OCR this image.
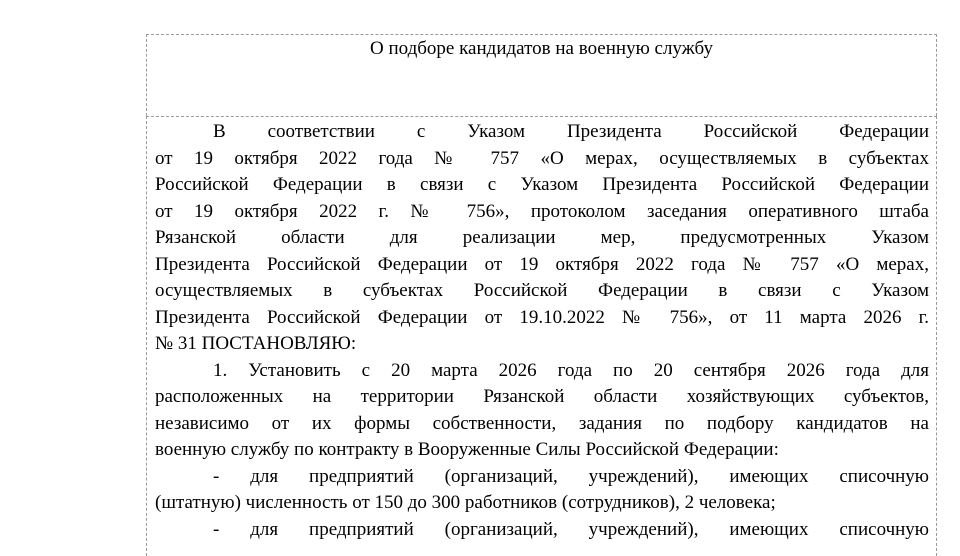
О подборе кандидатов на военную службу
В соответствии с Указом Президента Российской Федерации
от 19 октября 2022 года № 757 «О мерах, осуществляемых в субъектах
Российской Федерации в связи с Указом Президента Российской Федерации
от 19 октября 2022 г. № 756», протоколом заседания оперативного штаба
Рязанской области для реализации мер, предусмотренных Указом
Президента Российской Федерации от 19 октября 2022 года № 757 «О мерах,
осуществляемых в субъектах Российской Федерации в связи с Указом
Президента Российской Федерации от 19.10.2022 № 756», от 11 марта 2026 г.
№ 31 ПОСТАНОВЛЯЮ:
1. Установить с 20 марта 2026 года по 20 сентября 2026 года для
расположенных на территории Рязанской области хозяйствующих субъектов,
независимо от их формы собственности, задания по подбору кандидатов на
военную службу по контракту в Вооруженные Силы Российской Федерации:
- для предприятий (организаций, учреждений), имеющих списочную
(штатную) численность от 150 до 300 работников (сотрудников), 2 человека;
- для предприятий (организаций, учреждений), имеющих списочную
